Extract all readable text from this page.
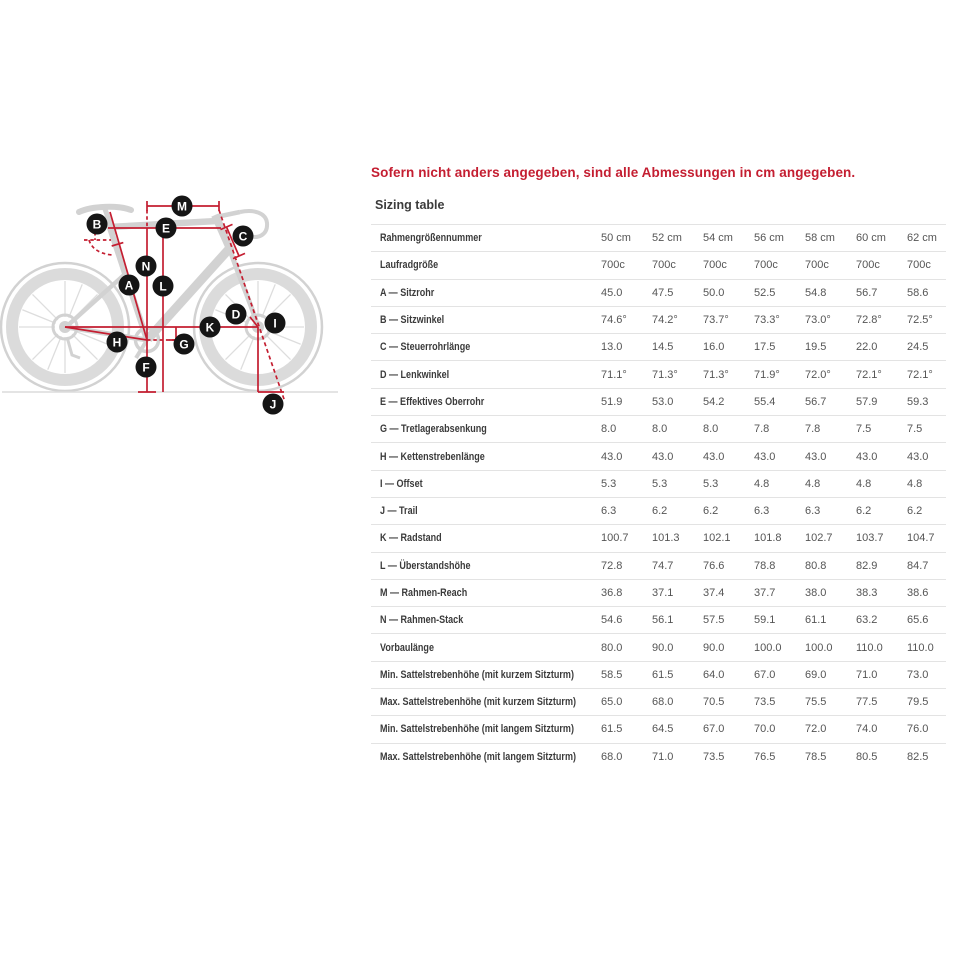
A
B
C
D
E
F
G
H
I
J
K
L
M
N

Sofern nicht anders angegeben, sind alle Abmessungen in cm angegeben.

Sizing table
Rahmengrößennummer	50 cm	52 cm	54 cm	56 cm	58 cm	60 cm	62 cm
Laufradgröße	700c	700c	700c	700c	700c	700c	700c
A — Sitzrohr	45.0	47.5	50.0	52.5	54.8	56.7	58.6
B — Sitzwinkel	74.6°	74.2°	73.7°	73.3°	73.0°	72.8°	72.5°
C — Steuerrohrlänge	13.0	14.5	16.0	17.5	19.5	22.0	24.5
D — Lenkwinkel	71.1°	71.3°	71.3°	71.9°	72.0°	72.1°	72.1°
E — Effektives Oberrohr	51.9	53.0	54.2	55.4	56.7	57.9	59.3
G — Tretlagerabsenkung	8.0	8.0	8.0	7.8	7.8	7.5	7.5
H — Kettenstrebenlänge	43.0	43.0	43.0	43.0	43.0	43.0	43.0
I — Offset	5.3	5.3	5.3	4.8	4.8	4.8	4.8
J — Trail	6.3	6.2	6.2	6.3	6.3	6.2	6.2
K — Radstand	100.7	101.3	102.1	101.8	102.7	103.7	104.7
L — Überstandshöhe	72.8	74.7	76.6	78.8	80.8	82.9	84.7
M — Rahmen-Reach	36.8	37.1	37.4	37.7	38.0	38.3	38.6
N — Rahmen-Stack	54.6	56.1	57.5	59.1	61.1	63.2	65.6
Vorbaulänge	80.0	90.0	90.0	100.0	100.0	110.0	110.0
Min. Sattelstrebenhöhe (mit kurzem Sitzturm)	58.5	61.5	64.0	67.0	69.0	71.0	73.0
Max. Sattelstrebenhöhe (mit kurzem Sitzturm)	65.0	68.0	70.5	73.5	75.5	77.5	79.5
Min. Sattelstrebenhöhe (mit langem Sitzturm)	61.5	64.5	67.0	70.0	72.0	74.0	76.0
Max. Sattelstrebenhöhe (mit langem Sitzturm)	68.0	71.0	73.5	76.5	78.5	80.5	82.5
